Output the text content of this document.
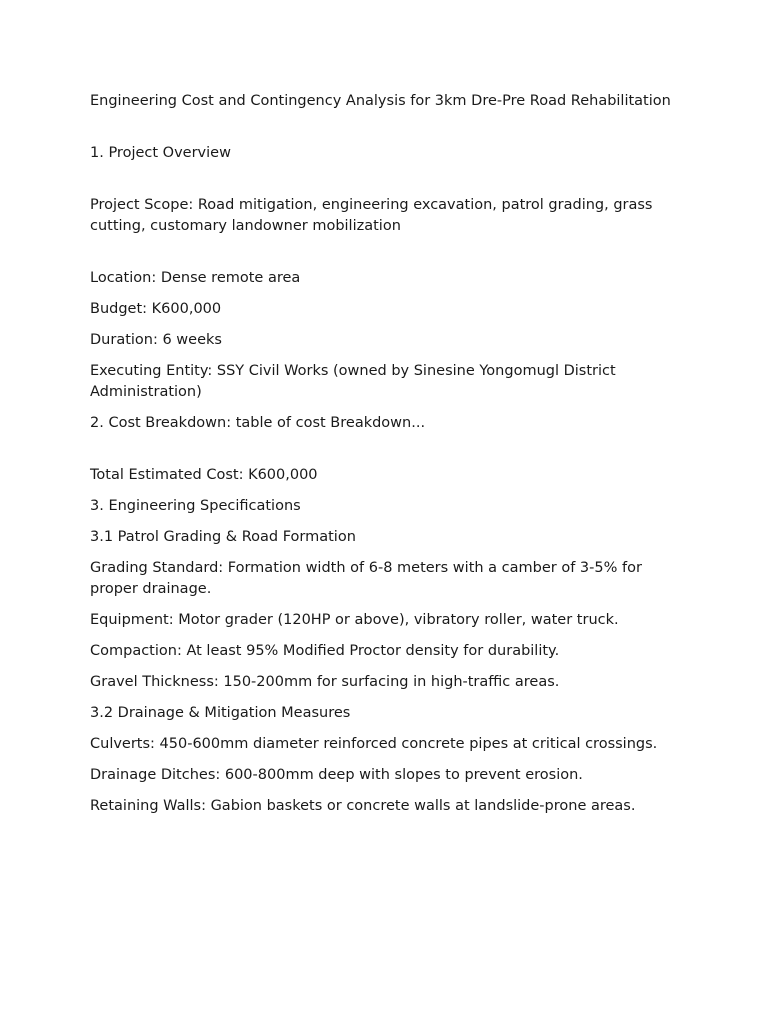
Engineering Cost and Contingency Analysis for 3km Dre-Pre Road Rehabilitation

1. Project Overview

Project Scope: Road mitigation, engineering excavation, patrol grading, grass cutting, customary landowner mobilization

Location: Dense remote area

Budget: K600,000

Duration: 6 weeks

Executing Entity: SSY Civil Works (owned by Sinesine Yongomugl District Administration)

2. Cost Breakdown: table of cost Breakdown...

Total Estimated Cost: K600,000

3. Engineering Specifications

3.1 Patrol Grading & Road Formation

Grading Standard: Formation width of 6-8 meters with a camber of 3-5% for proper drainage.

Equipment: Motor grader (120HP or above), vibratory roller, water truck.

Compaction: At least 95% Modified Proctor density for durability.

Gravel Thickness: 150-200mm for surfacing in high-traffic areas.

3.2 Drainage & Mitigation Measures

Culverts: 450-600mm diameter reinforced concrete pipes at critical crossings.

Drainage Ditches: 600-800mm deep with slopes to prevent erosion.

Retaining Walls: Gabion baskets or concrete walls at landslide-prone areas.
